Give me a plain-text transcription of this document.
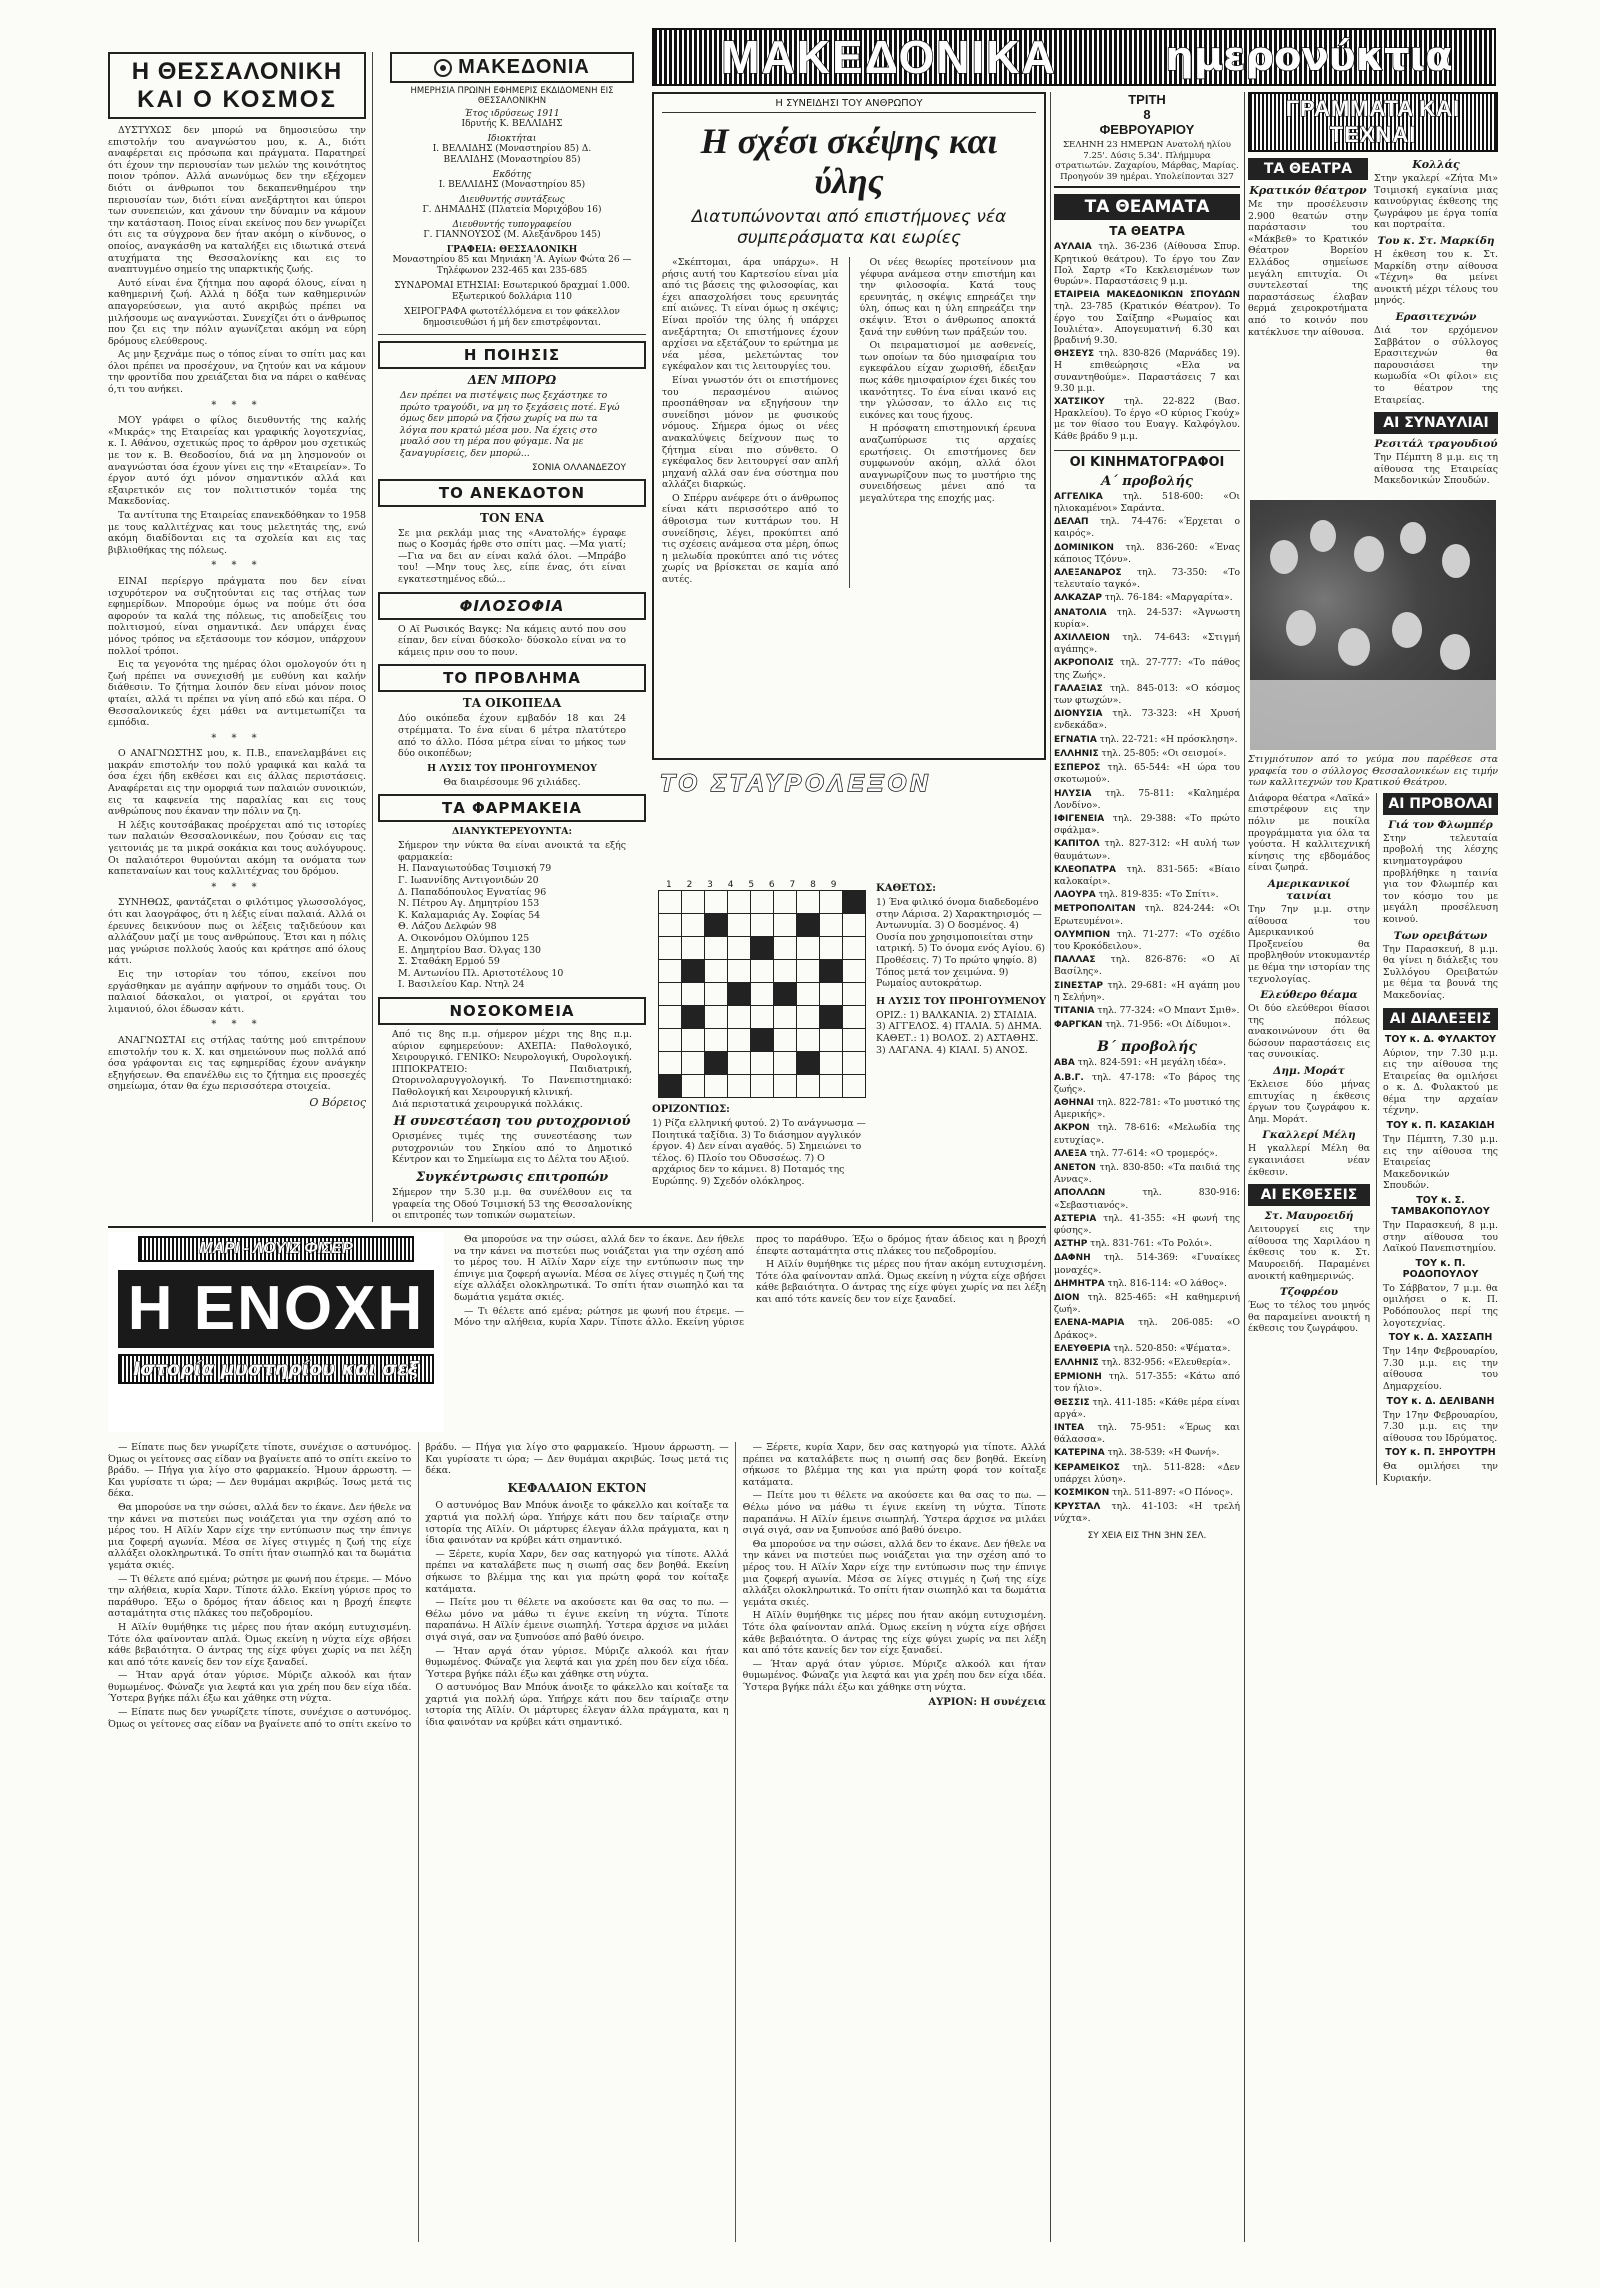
Η ΘΕΣΣΑΛΟΝΙΚΗ
ΚΑΙ Ο ΚΟΣΜΟΣ

ΔΥΣΤΥΧΩΣ δεν μπορώ να δημοσιεύσω την επιστολήν του αναγνώστου μου, κ. Α., διότι αναφέρεται εις πρόσωπα και πράγματα. Παρατηρεί ότι έχουν την περιουσίαν των μελών της κοινότητος ποιον τρόπον. Αλλά ανωνύμως δεν την εξέχομεν διότι οι άνθρωποι του δεκαπενθημέρου την περιουσίαν των, διότι είναι ανεξάρτητοι και ύπεροι των συνεπειών, και χάνουν την δύναμιν να κάμουν την κατάσταση. Ποιος είναι εκείνος που δεν γνωρίζει ότι εις τα σύγχρονα δεν ήταν ακόμη ο κίνδυνος, ο οποίος, αναγκάσθη να καταλήξει εις ιδιωτικά στενά ατυχήματα της Θεσσαλονίκης και εις το αναπτυγμένο σημείο της υπαρκτικής ζωής.

Αυτό είναι ένα ζήτημα που αφορά όλους, είναι η καθημερινή ζωή. Αλλά η δόξα των καθημερινών απαγορεύσεων, για αυτό ακριβώς πρέπει να μιλήσουμε ως αναγνώσται. Συνεχίζει ότι ο άνθρωπος που ζει εις την πόλιν αγωνίζεται ακόμη να εύρη δρόμους ελεύθερους.

Ας μην ξεχνάμε πως ο τόπος είναι το σπίτι μας και όλοι πρέπει να προσέχουν, να ζητούν και να κάμουν την φροντίδα που χρειάζεται δια να πάρει ο καθένας ό,τι του ανήκει.

* * *

ΜΟΥ γράφει ο φίλος διευθυντής της καλής «Μικράς» της Εταιρείας και γραφικής λογοτεχνίας, κ. Ι. Αθάνου, σχετικώς προς το άρθρον μου σχετικώς με τον κ. Β. Θεοδοσίου, διά να μη λησμονούν οι αναγνώσται όσα έχουν γίνει εις την «Εταιρείαν». Το έργον αυτό όχι μόνον σημαντικόν αλλά και εξαιρετικόν εις τον πολιτιστικόν τομέα της Μακεδονίας.

Τα αντίτυπα της Εταιρείας επανεκδόθηκαν το 1958 με τους καλλιτέχνας και τους μελετητάς της, ενώ ακόμη διαδίδονται εις τα σχολεία και εις τας βιβλιοθήκας της πόλεως.

* * *

ΕΙΝΑΙ περίεργο πράγματα που δεν είναι ισχυρότερον να συζητούνται εις τας στήλας των εφημερίδων. Μπορούμε όμως να πούμε ότι όσα αφορούν τα καλά της πόλεως, τις αποδείξεις του πολιτισμού, είναι σημαντικά. Δεν υπάρχει ένας μόνος τρόπος να εξετάσουμε τον κόσμον, υπάρχουν πολλοί τρόποι.

Εις τα γεγονότα της ημέρας όλοι ομολογούν ότι η ζωή πρέπει να συνεχισθή με ευθύνη και καλήν διάθεσιν. Το ζήτημα λοιπόν δεν είναι μόνον ποιος φταίει, αλλά τι πρέπει να γίνη από εδώ και πέρα. Ο Θεσσαλονικεύς έχει μάθει να αντιμετωπίζει τα εμπόδια.

* * *

Ο ΑΝΑΓΝΩΣΤΗΣ μου, κ. Π.Β., επανελαμβάνει εις μακράν επιστολήν του πολύ γραφικά και καλά τα όσα έχει ήδη εκθέσει και εις άλλας περιστάσεις. Αναφέρεται εις την ομορφιά των παλαιών συνοικιών, εις τα καφενεία της παραλίας και εις τους ανθρώπους που έκαναν την πόλιν να ζη.

Η λέξις κουτσάβακας προέρχεται από τις ιστορίες των παλαιών Θεσσαλονικέων, που ζούσαν εις τας γειτονιάς με τα μικρά σοκάκια και τους αυλόγυρους. Οι παλαιότεροι θυμούνται ακόμη τα ονόματα των καπεταναίων και τους καλλιτέχνας του δρόμου.

* * *

ΣΥΝΗΘΩΣ, φαντάζεται ο φιλότιμος γλωσσολόγος, ότι και λαογράφος, ότι η λέξις είναι παλαιά. Αλλά οι έρευνες δεικνύουν πως οι λέξεις ταξιδεύουν και αλλάζουν μαζί με τους ανθρώπους. Έτσι και η πόλις μας γνώρισε πολλούς λαούς και κράτησε από όλους κάτι.

Εις την ιστορίαν του τόπου, εκείνοι που εργάσθηκαν με αγάπην αφήνουν το σημάδι τους. Οι παλαιοί δάσκαλοι, οι γιατροί, οι εργάται του λιμανιού, όλοι έδωσαν κάτι.

* * *

ΑΝΑΓΝΩΣΤΑΙ εις στήλας ταύτης μού επιτρέπουν επιστολήν του κ. Χ. και σημειώνουν πως πολλά από όσα γράφονται εις τας εφημερίδας έχουν ανάγκην εξηγήσεων. Θα επανέλθω εις το ζήτημα εις προσεχές σημείωμα, όταν θα έχω περισσότερα στοιχεία.

Ο Βόρειος
ΜΑΚΕΔΟΝΙΑ
ΗΜΕΡΗΣΙΑ ΠΡΩΙΝΗ ΕΦΗΜΕΡΙΣ ΕΚΔΙΔΟΜΕΝΗ ΕΙΣ ΘΕΣΣΑΛΟΝΙΚΗΝ
Έτος ιδρύσεως 1911
Ιδρυτής Κ. ΒΕΛΛΙΔΗΣ
Ιδιοκτήται
Ι. ΒΕΛΛΙΔΗΣ (Μοναστηρίου 85) Δ. ΒΕΛΛΙΔΗΣ (Μοναστηρίου 85)
Εκδότης
Ι. ΒΕΛΛΙΔΗΣ (Μοναστηρίου 85)
Διευθυντής συντάξεως
Γ. ΔΗΜΑΔΗΣ (Πλατεία Μοριχόβου 16)
Διευθυντής τυπογραφείου
Γ. ΓΙΑΝΝΟΥΣΟΣ (Μ. Αλεξάνδρου 145)
ΓΡΑΦΕΙΑ: ΘΕΣΣΑΛΟΝΙΚΗ
Μοναστηρίου 85 και Μηνιάκη 'Α. Αγίων Φώτα 26 — Τηλέφωνον 232-465 και 235-685
ΣΥΝΔΡΟΜΑΙ ΕΤΗΣΙΑΙ: Εσωτερικού δραχμαί 1.000. Εξωτερικού δολλάρια 110
ΧΕΙΡΟΓΡΑΦΑ φωτοτέλλόμενα ει τον φάκελλον δημοσιευθώσι ή μή δεν επιστρέφονται.
Η ΠΟΙΗΣΙΣ
ΔΕΝ ΜΠΟΡΩ
Δεν πρέπει να πιστέψεις πως ξεχάστηκε το πρώτο τραγούδι, να μη το ξεχάσεις ποτέ. Εγώ όμως δεν μπορώ να ζήσω χωρίς να πω τα λόγια που κρατώ μέσα μου. Να έχεις στο μυαλό σου τη μέρα που φύγαμε. Να με ξαναγυρίσεις, δεν μπορώ...
ΣΟΝΙΑ ΟΛΛΑΝΔΕΖΟΥ
ΤΟ ΑΝΕΚΔΟΤΟΝ
ΤΟΝ ΕΝΑ
Σε μια ρεκλάμ μιας της «Ανατολής» έγραφε πως ο Κοσμάς ήρθε στο σπίτι μας. —Μα γιατί; —Για να δει αν είναι καλά όλοι. —Μπράβο του! —Μην τους λες, είπε ένας, ότι είναι εγκατεστημένος εδώ...
ΦΙΛΟΣΟΦΙΑ
Ο Αϊ Ρωσικός Βαγκς: Να κάμεις αυτό που σου είπαν, δεν είναι δύσκολο· δύσκολο είναι να το κάμεις πριν σου το πουν.
ΤΟ ΠΡΟΒΛΗΜΑ
ΤΑ ΟΙΚΟΠΕΔΑ
Δύο οικόπεδα έχουν εμβαδόν 18 και 24 στρέμματα. Το ένα είναι 6 μέτρα πλατύτερο από το άλλο. Πόσα μέτρα είναι το μήκος των δύο οικοπέδων;
Η ΛΥΣΙΣ ΤΟΥ ΠΡΟΗΓΟΥΜΕΝΟΥ
Θα διαιρέσουμε 96 χιλιάδες.
ΤΑ ΦΑΡΜΑΚΕΙΑ
ΔΙΑΝΥΚΤΕΡΕΥΟΥΝΤΑ:
Σήμερον την νύκτα θα είναι ανοικτά τα εξής φαρμακεία:
Η. Παναγιωτούδας Τσιμισκή 79
Γ. Ιωαννίδης Αντιγονιδών 20
Δ. Παπαδόπουλος Εγνατίας 96
Ν. Πέτρου Αγ. Δημητρίου 153
Κ. Καλαμαριάς Αγ. Σοφίας 54
Θ. Λάζου Δελφών 98
Α. Οικονόμου Ολύμπου 125
Ε. Δημητρίου Βασ. Όλγας 130
Σ. Σταθάκη Ερμού 59
Μ. Αντωνίου Πλ. Αριστοτέλους 10
Ι. Βασιλείου Καρ. Ντηλ 24
ΝΟΣΟΚΟΜΕΙΑ
Από τις 8ης π.μ. σήμερον μέχρι της 8ης π.μ. αύριον εφημερεύουν: ΑΧΕΠΑ: Παθολογικό, Χειρουργικό. ΓΕΝΙΚΟ: Νευρολογική, Ουρολογική. ΙΠΠΟΚΡΑΤΕΙΟ: Παιδιατρική, Ωτορινολαρυγγολογική. Το Πανεπιστημιακό: Παθολογική και Χειρουργική κλινική.
Διά περιστατικά χειρουργικά πολλάκις.
Η συνεστέαση του ρυτοχρονιού
Ορισμένες τιμές της συνεστέασης των ρυτοχρονιών του Σηκίου από το Δημοτικό Κέντρον και το Σημείωμα εις το Δέλτα του Αξιού.
Συγκέντρωσις επιτροπών
Σήμερον την 5.30 μ.μ. θα συνέλθουν εις τα γραφεία της Οδού Τσιμισκή 53 της Θεσσαλονίκης οι επιτροπές των τοπικών σωματείων.
ΜΑΚΕΔΟΝΙΚΑ	ημερονύκτια
Η ΣΥΝΕΙΔΗΣΙ ΤΟΥ ΑΝΘΡΩΠΟΥ
Η σχέσι σκέψης και ύλης
Διατυπώνονται από επιστήμονες νέα συμπεράσματα και εωρίες

«Σκέπτομαι, άρα υπάρχω». Η ρήσις αυτή του Καρτεσίου είναι μία από τις βάσεις της φιλοσοφίας, και έχει απασχολήσει τους ερευνητάς επί αιώνες. Τι είναι όμως η σκέψις; Είναι προϊόν της ύλης ή υπάρχει ανεξάρτητα; Οι επιστήμονες έχουν αρχίσει να εξετάζουν το ερώτημα με νέα μέσα, μελετώντας τον εγκέφαλον και τις λειτουργίες του.

Είναι γνωστόν ότι οι επιστήμονες του περασμένου αιώνος προσπάθησαν να εξηγήσουν την συνείδησι μόνον με φυσικούς νόμους. Σήμερα όμως οι νέες ανακαλύψεις δείχνουν πως το ζήτημα είναι πιο σύνθετο. Ο εγκέφαλος δεν λειτουργεί σαν απλή μηχανή αλλά σαν ένα σύστημα που αλλάζει διαρκώς.

Ο Σπέρρυ ανέφερε ότι ο άνθρωπος είναι κάτι περισσότερο από το άθροισμα των κυττάρων του. Η συνείδησις, λέγει, προκύπτει από τις σχέσεις ανάμεσα στα μέρη, όπως η μελωδία προκύπτει από τις νότες χωρίς να βρίσκεται σε καμία από αυτές.

Οι νέες θεωρίες προτείνουν μια γέφυρα ανάμεσα στην επιστήμη και την φιλοσοφία. Κατά τους ερευνητάς, η σκέψις επηρεάζει την ύλη, όπως και η ύλη επηρεάζει την σκέψιν. Έτσι ο άνθρωπος αποκτά ξανά την ευθύνη των πράξεών του.

Οι πειραματισμοί με ασθενείς, των οποίων τα δύο ημισφαίρια του εγκεφάλου είχαν χωρισθή, έδειξαν πως κάθε ημισφαίριον έχει δικές του ικανότητες. Το ένα είναι ικανό εις την γλώσσαν, το άλλο εις τις εικόνες και τους ήχους.

Η πρόσφατη επιστημονική έρευνα αναζωπύρωσε τις αρχαίες ερωτήσεις. Οι επιστήμονες δεν συμφωνούν ακόμη, αλλά όλοι αναγνωρίζουν πως το μυστήριο της συνειδήσεως μένει από τα μεγαλύτερα της εποχής μας.

ΤΟ ΣΤΑΥΡΟΛΕΞΟΝ
1 2 3 4 5 6 7 8 9

ΟΡΙΖΟΝΤΙΩΣ:
1) Ρίζα ελληνική φυτού. 2) Το ανάγνωσμα — Ποιητικά ταξίδια. 3) Το διάσημον αγγλικόν έργον. 4) Δεν είναι αγαθός. 5) Σημειώνει το τέλος. 6) Πλοίο του Οδυσσέως. 7) Ο αρχάριος δεν το κάμνει. 8) Ποταμός της Ευρώπης. 9) Σχεδόν ολόκληρος.
ΚΑΘΕΤΩΣ:
1) Ένα φιλικό όνομα διαδεδομένο στην Λάρισα. 2) Χαρακτηρισμός — Αντωνυμία. 3) Ο δοσμένος. 4) Ουσία που χρησιμοποιείται στην ιατρική. 5) Το όνομα ενός Αγίου. 6) Προθέσεις. 7) Το πρώτο ψηφίο. 8) Τόπος μετά τον χειμώνα. 9) Ρωμαίος αυτοκράτωρ.
Η ΛΥΣΙΣ ΤΟΥ ΠΡΟΗΓΟΥΜΕΝΟΥ
ΟΡΙΖ.: 1) ΒΑΛΚΑΝΙΑ. 2) ΣΤΑΙΔΙΑ. 3) ΑΓΓΕΛΟΣ. 4) ΙΤΑΛΙΑ. 5) ΔΗΜΑ. ΚΑΘΕΤ.: 1) ΒΟΛΟΣ. 2) ΑΣΤΑΘΗΣ. 3) ΛΑΓΑΝΑ. 4) ΚΙΑΛΙ. 5) ΑΝΟΣ.
ΤΡΙΤΗ
8
ΦΕΒΡΟΥΑΡΙΟΥ
ΣΕΛΗΝΗ 23 ΗΜΕΡΩΝ Ανατολή ηλίου 7.25'. Δύσις 5.34'. Πλήμμυρα στρατιωτών. Ζαχαρίου, Μάρθας, Μαρίας. Προηγούν 39 ημέραι. Υπολείπονται 327
ΤΑ ΘΕΑΜΑΤΑ
ΤΑ ΘΕΑΤΡΑ
ΑΥΛΑΙΑ τηλ. 36-236 (Αίθουσα Σπυρ. Κρητικού θεάτρου). Το έργο του Ζαν Πολ Σαρτρ «Το Κεκλεισμένων των θυρών». Παραστάσεις 9 μ.μ.
ΕΤΑΙΡΕΙΑ ΜΑΚΕΔΟΝΙΚΩΝ ΣΠΟΥΔΩΝ τηλ. 23-785 (Κρατικόν Θέατρον). Το έργο του Σαίξπηρ «Ρωμαίος και Ιουλιέτα». Απογευματινή 6.30 και βραδινή 9.30.
ΘΗΣΕΥΣ τηλ. 830-826 (Μαρνάδες 19). Η επιθεώρησις «Ελα να συναντηθούμε». Παραστάσεις 7 και 9.30 μ.μ.
ΧΑΤΣΙΚΟΥ τηλ. 22-822 (Βασ. Ηρακλείου). Το έργο «Ο κύριος Γκούχ» με τον θίασο του Ευαγγ. Καλφόγλου. Κάθε βράδυ 9 μ.μ.
ΟΙ ΚΙΝΗΜΑΤΟΓΡΑΦΟΙ
Α΄ προβολής
ΑΓΓΕΛΙΚΑ τηλ. 518-600: «Οι ηλιοκαμένοι» Σαράντα.
ΔΕΛΑΠ τηλ. 74-476: «Έρχεται ο καιρός».
ΔΟΜΙΝΙΚΟΝ τηλ. 836-260: «Ένας κάποιος Τζόνυ».
ΑΛΕΞΑΝΔΡΟΣ τηλ. 73-350: «Το τελευταίο ταγκό».
ΑΛΚΑΖΑΡ τηλ. 76-184: «Μαργαρίτα».
ΑΝΑΤΟΛΙΑ τηλ. 24-537: «Άγνωστη κυρία».
ΑΧΙΛΛΕΙΟΝ τηλ. 74-643: «Στιγμή αγάπης».
ΑΚΡΟΠΟΛΙΣ τηλ. 27-777: «Το πάθος της Ζωής».
ΓΑΛΑΞΙΑΣ τηλ. 845-013: «Ο κόσμος των φτωχών».
ΔΙΟΝΥΣΙΑ τηλ. 73-323: «Η Χρυσή ενδεκάδα».
ΕΓΝΑΤΙΑ τηλ. 22-721: «Η πρόσκληση».
ΕΛΛΗΝΙΣ τηλ. 25-805: «Οι σεισμοί».
ΕΣΠΕΡΟΣ τηλ. 65-544: «Η ώρα του σκοτωμού».
ΗΛΥΣΙΑ τηλ. 75-811: «Καλημέρα Λονδίνο».
ΙΦΙΓΕΝΕΙΑ τηλ. 29-388: «Το πρώτο σφάλμα».
ΚΑΠΙΤΟΛ τηλ. 827-312: «Η αυλή των θαυμάτων».
ΚΛΕΟΠΑΤΡΑ τηλ. 831-565: «Βίαιο καλοκαίρι».
ΛΑΟΥΡΑ τηλ. 819-835: «Το Σπίτι».
ΜΕΤΡΟΠΟΛΙΤΑΝ τηλ. 824-244: «Οι Ερωτευμένοι».
ΟΛΥΜΠΙΟΝ τηλ. 71-277: «Το σχέδιο του Κροκόδειλου».
ΠΑΛΛΑΣ τηλ. 826-876: «Ο Αϊ Βασίλης».
ΣΙΝΕΣΤΑΡ τηλ. 29-681: «Η αγάπη μου η Σελήνη».
ΤΙΤΑΝΙΑ τηλ. 77-324: «Ο Μπαντ Σμιθ».
ΦΑΡΓΚΑΝ τηλ. 71-956: «Οι Δίδυμοι».
Β΄ προβολής
ΑΒΑ τηλ. 824-591: «Η μεγάλη ιδέα».
Α.Β.Γ. τηλ. 47-178: «Το βάρος της ζωής».
ΑΘΗΝΑΙ τηλ. 822-781: «Το μυστικό της Αμερικής».
ΑΚΡΟΝ τηλ. 78-616: «Μελωδία της ευτυχίας».
ΑΛΕΞΑ τηλ. 77-614: «Ο τρομερός».
ΑΝΕΤΟΝ τηλ. 830-850: «Τα παιδιά της Αννας».
ΑΠΟΛΛΩΝ τηλ. 830-916: «Σεβαστιανός».
ΑΣΤΕΡΙΑ τηλ. 41-355: «Η φωνή της φύσης».
ΑΣΤΗΡ τηλ. 831-761: «Το Ρολόι».
ΔΑΦΝΗ τηλ. 514-369: «Γυναίκες μοναχές».
ΔΗΜΗΤΡΑ τηλ. 816-114: «Ο λάθος».
ΔΙΟΝ τηλ. 825-465: «Η καθημερινή ζωή».
ΕΛΕΝΑ-ΜΑΡΙΑ τηλ. 206-085: «Ο Δράκος».
ΕΛΕΥΘΕΡΙΑ τηλ. 520-850: «Ψέματα».
ΕΛΛΗΝΙΣ τηλ. 832-956: «Ελευθερία».
ΕΡΜΙΟΝΗ τηλ. 517-355: «Κάτω από τον ήλιο».
ΘΕΣΣΙΣ τηλ. 411-185: «Κάθε μέρα είναι αργά».
ΙΝΤΕΑ τηλ. 75-951: «Έρως και θάλασσα».
ΚΑΤΕΡΙΝΑ τηλ. 38-539: «Η Φωνή».
ΚΕΡΑΜΕΙΚΟΣ τηλ. 511-828: «Δεν υπάρχει λύση».
ΚΟΣΜΙΚΟΝ τηλ. 511-897: «Ο Πόνος».
ΚΡΥΣΤΑΛ τηλ. 41-103: «Η τρελή νύχτα».
ΣΥ ΧΕΙΑ ΕΙΣ ΤΗΝ 3ΗΝ ΣΕΛ.
ΓΡΑΜΜΑΤΑ ΚΑΙ ΤΕΧΝΑΙ
ΤΑ ΘΕΑΤΡΑ
Κρατικόν θέατρον
Με την προσέλευσιν 2.900 θεατών στην παράστασιν του «Μάκβεθ» το Κρατικόν Θέατρον Βορείου Ελλάδος σημείωσε μεγάλη επιτυχία. Οι συντελεσταί της παραστάσεως έλαβαν θερμά χειροκροτήματα από το κοινόν που κατέκλυσε την αίθουσα.
Κολλάς
Στην γκαλερί «Ζήτα Μι» Τσιμισκή εγκαίνια μιας καινούργιας έκθεσης της ζωγράφου με έργα τοπία και πορτραίτα.
Του κ. Στ. Μαρκίδη
Η έκθεση του κ. Στ. Μαρκίδη στην αίθουσα «Τέχνη» θα μείνει ανοικτή μέχρι τέλους του μηνός.
Ερασιτεχνών
Διά τον ερχόμενον Σαββάτον ο σύλλογος Ερασιτεχνών θα παρουσιάσει την κωμωδία «Οι φίλοι» εις το θέατρον της Εταιρείας.
ΑΙ ΣΥΝΑΥΛΙΑΙ
Ρεσιτάλ τραγουδιού
Την Πέμπτη 8 μ.μ. εις τη αίθουσα της Εταιρείας Μακεδονικών Σπουδών.
Στιγμιότυπον από το γεύμα που παρέθεσε στα γραφεία του ο σύλλογος Θεσσαλονικέων εις τιμήν των καλλιτεχνών του Κρατικού Θεάτρου.
Διάφορα θέατρα «Λαϊκά» επιστρέφουν εις την πόλιν με ποικίλα προγράμματα για όλα τα γούστα. Η καλλιτεχνική κίνησις της εβδομάδος είναι ζωηρά.
Αμερικανικοί ταινίαι
Την 7ην μ.μ. στην αίθουσα του Αμερικανικού Προξενείου θα προβληθούν ντοκυμαντέρ με θέμα την ιστορίαν της τεχνολογίας.
Ελεύθερο θέαμα
Οι δύο ελεύθεροι θίασοι της πόλεως ανακοινώνουν ότι θα δώσουν παραστάσεις εις τας συνοικίας.
Δημ. Μοράτ
Έκλεισε δύο μήνας επιτυχίας η έκθεσις έργων του ζωγράφου κ. Δημ. Μοράτ.
Γκαλλερί Μέλη
Η γκαλλερί Μέλη θα εγκαινιάσει νέαν έκθεσιν.
ΑΙ ΕΚΘΕΣΕΙΣ
Στ. Μαυροειδή
Λειτουργεί εις την αίθουσα της Χαριλάου η έκθεσις του κ. Στ. Μαυροειδή. Παραμένει ανοικτή καθημερινώς.
Τζοφρέου
Έως το τέλος του μηνός θα παραμείνει ανοικτή η έκθεσις του ζωγράφου.
ΑΙ ΠΡΟΒΟΛΑΙ
Γιά τον Φλωμπέρ
Στην τελευταία προβολή της λέσχης κινηματογράφου προβλήθηκε η ταινία για τον Φλωμπέρ και τον κόσμο του με μεγάλη προσέλευση κοινού.
Των ορειβάτων
Την Παρασκευή, 8 μ.μ. θα γίνει η διάλεξις του Συλλόγου Ορειβατών με θέμα τα βουνά της Μακεδονίας.
ΑΙ ΔΙΑΛΕΞΕΙΣ
ΤΟΥ κ. Δ. ΦΥΛΑΚΤΟΥ
Αύριον, την 7.30 μ.μ. εις την αίθουσα της Εταιρείας θα ομιλήσει ο κ. Δ. Φυλακτού με θέμα την αρχαίαν τέχνην.
ΤΟΥ κ. Π. ΚΑΣΑΚΙΔΗ
Την Πέμπτη, 7.30 μ.μ. εις την αίθουσα της Εταιρείας Μακεδονικών Σπουδών.
ΤΟΥ κ. Σ. ΤΑΜΒΑΚΟΠΟΥΛΟΥ
Την Παρασκευή, 8 μ.μ. στην αίθουσα του Λαϊκού Πανεπιστημίου.
ΤΟΥ κ. Π. ΡΟΔΟΠΟΥΛΟΥ
Το Σάββατον, 7 μ.μ. θα ομιλήσει ο κ. Π. Ροδόπουλος περί της λογοτεχνίας.
ΤΟΥ κ. Δ. ΧΑΣΣΑΠΗ
Την 14ην Φεβρουαρίου, 7.30 μ.μ. εις την αίθουσα του Δημαρχείου.
ΤΟΥ κ. Δ. ΔΕΛΙΒΑΝΗ
Την 17ην Φεβρουαρίου, 7.30 μ.μ. εις την αίθουσα του Ιδρύματος.
ΤΟΥ κ. Π. ΞΗΡΟΥΤΡΗ
Θα ομιλήσει την Κυριακήν.
ΜΑΡΙ - ΛΟΥΙΖ ΦΙΣΕΡ
Η ΕΝΟΧΗ
Ιστορία μυστηρίου και σεξ

Θα μπορούσε να την σώσει, αλλά δεν το έκανε. Δεν ήθελε να την κάνει να πιστεύει πως νοιάζεται για την σχέση από το μέρος του. Η Αϊλίν Χαρν είχε την εντύπωσιν πως την έπνιγε μια ζοφερή αγωνία. Μέσα σε λίγες στιγμές η ζωή της είχε αλλάξει ολοκληρωτικά. Το σπίτι ήταν σιωπηλό και τα δωμάτια γεμάτα σκιές.

— Τι θέλετε από εμένα; ρώτησε με φωνή που έτρεμε. — Μόνο την αλήθεια, κυρία Χαρν. Τίποτε άλλο. Εκείνη γύρισε προς το παράθυρο. Έξω ο δρόμος ήταν άδειος και η βροχή έπεφτε ασταμάτητα στις πλάκες του πεζοδρομίου.

Η Αϊλίν θυμήθηκε τις μέρες που ήταν ακόμη ευτυχισμένη. Τότε όλα φαίνονταν απλά. Όμως εκείνη η νύχτα είχε σβήσει κάθε βεβαιότητα. Ο άντρας της είχε φύγει χωρίς να πει λέξη και από τότε κανείς δεν τον είχε ξαναδεί.

— Είπατε πως δεν γνωρίζετε τίποτε, συνέχισε ο αστυνόμος. Όμως οι γείτονες σας είδαν να βγαίνετε από το σπίτι εκείνο το βράδυ. — Πήγα για λίγο στο φαρμακείο. Ήμουν άρρωστη. — Και γυρίσατε τι ώρα; — Δεν θυμάμαι ακριβώς. Ίσως μετά τις δέκα.

Θα μπορούσε να την σώσει, αλλά δεν το έκανε. Δεν ήθελε να την κάνει να πιστεύει πως νοιάζεται για την σχέση από το μέρος του. Η Αϊλίν Χαρν είχε την εντύπωσιν πως την έπνιγε μια ζοφερή αγωνία. Μέσα σε λίγες στιγμές η ζωή της είχε αλλάξει ολοκληρωτικά. Το σπίτι ήταν σιωπηλό και τα δωμάτια γεμάτα σκιές.

— Τι θέλετε από εμένα; ρώτησε με φωνή που έτρεμε. — Μόνο την αλήθεια, κυρία Χαρν. Τίποτε άλλο. Εκείνη γύρισε προς το παράθυρο. Έξω ο δρόμος ήταν άδειος και η βροχή έπεφτε ασταμάτητα στις πλάκες του πεζοδρομίου.

Η Αϊλίν θυμήθηκε τις μέρες που ήταν ακόμη ευτυχισμένη. Τότε όλα φαίνονταν απλά. Όμως εκείνη η νύχτα είχε σβήσει κάθε βεβαιότητα. Ο άντρας της είχε φύγει χωρίς να πει λέξη και από τότε κανείς δεν τον είχε ξαναδεί.

— Ήταν αργά όταν γύρισε. Μύριζε αλκοόλ και ήταν θυμωμένος. Φώναζε για λεφτά και για χρέη που δεν είχα ιδέα. Ύστερα βγήκε πάλι έξω και χάθηκε στη νύχτα.

— Είπατε πως δεν γνωρίζετε τίποτε, συνέχισε ο αστυνόμος. Όμως οι γείτονες σας είδαν να βγαίνετε από το σπίτι εκείνο το βράδυ. — Πήγα για λίγο στο φαρμακείο. Ήμουν άρρωστη. — Και γυρίσατε τι ώρα; — Δεν θυμάμαι ακριβώς. Ίσως μετά τις δέκα.

ΚΕΦΑΛΑΙΟΝ ΕΚΤΟΝ

Ο αστυνόμος Βαν Μπόυκ άνοιξε το φάκελλο και κοίταξε τα χαρτιά για πολλή ώρα. Υπήρχε κάτι που δεν ταίριαζε στην ιστορία της Αϊλίν. Οι μάρτυρες έλεγαν άλλα πράγματα, και η ίδια φαινόταν να κρύβει κάτι σημαντικό.

— Ξέρετε, κυρία Χαρν, δεν σας κατηγορώ για τίποτε. Αλλά πρέπει να καταλάβετε πως η σιωπή σας δεν βοηθά. Εκείνη σήκωσε το βλέμμα της και για πρώτη φορά τον κοίταξε κατάματα.

— Πείτε μου τι θέλετε να ακούσετε και θα σας το πω. — Θέλω μόνο να μάθω τι έγινε εκείνη τη νύχτα. Τίποτε παραπάνω. Η Αϊλίν έμεινε σιωπηλή. Ύστερα άρχισε να μιλάει σιγά σιγά, σαν να ξυπνούσε από βαθύ όνειρο.

— Ήταν αργά όταν γύρισε. Μύριζε αλκοόλ και ήταν θυμωμένος. Φώναζε για λεφτά και για χρέη που δεν είχα ιδέα. Ύστερα βγήκε πάλι έξω και χάθηκε στη νύχτα.

Ο αστυνόμος Βαν Μπόυκ άνοιξε το φάκελλο και κοίταξε τα χαρτιά για πολλή ώρα. Υπήρχε κάτι που δεν ταίριαζε στην ιστορία της Αϊλίν. Οι μάρτυρες έλεγαν άλλα πράγματα, και η ίδια φαινόταν να κρύβει κάτι σημαντικό.

— Ξέρετε, κυρία Χαρν, δεν σας κατηγορώ για τίποτε. Αλλά πρέπει να καταλάβετε πως η σιωπή σας δεν βοηθά. Εκείνη σήκωσε το βλέμμα της και για πρώτη φορά τον κοίταξε κατάματα.

— Πείτε μου τι θέλετε να ακούσετε και θα σας το πω. — Θέλω μόνο να μάθω τι έγινε εκείνη τη νύχτα. Τίποτε παραπάνω. Η Αϊλίν έμεινε σιωπηλή. Ύστερα άρχισε να μιλάει σιγά σιγά, σαν να ξυπνούσε από βαθύ όνειρο.

Θα μπορούσε να την σώσει, αλλά δεν το έκανε. Δεν ήθελε να την κάνει να πιστεύει πως νοιάζεται για την σχέση από το μέρος του. Η Αϊλίν Χαρν είχε την εντύπωσιν πως την έπνιγε μια ζοφερή αγωνία. Μέσα σε λίγες στιγμές η ζωή της είχε αλλάξει ολοκληρωτικά. Το σπίτι ήταν σιωπηλό και τα δωμάτια γεμάτα σκιές.

Η Αϊλίν θυμήθηκε τις μέρες που ήταν ακόμη ευτυχισμένη. Τότε όλα φαίνονταν απλά. Όμως εκείνη η νύχτα είχε σβήσει κάθε βεβαιότητα. Ο άντρας της είχε φύγει χωρίς να πει λέξη και από τότε κανείς δεν τον είχε ξαναδεί.

— Ήταν αργά όταν γύρισε. Μύριζε αλκοόλ και ήταν θυμωμένος. Φώναζε για λεφτά και για χρέη που δεν είχα ιδέα. Ύστερα βγήκε πάλι έξω και χάθηκε στη νύχτα.

ΑΥΡΙΟΝ: Η συνέχεια
